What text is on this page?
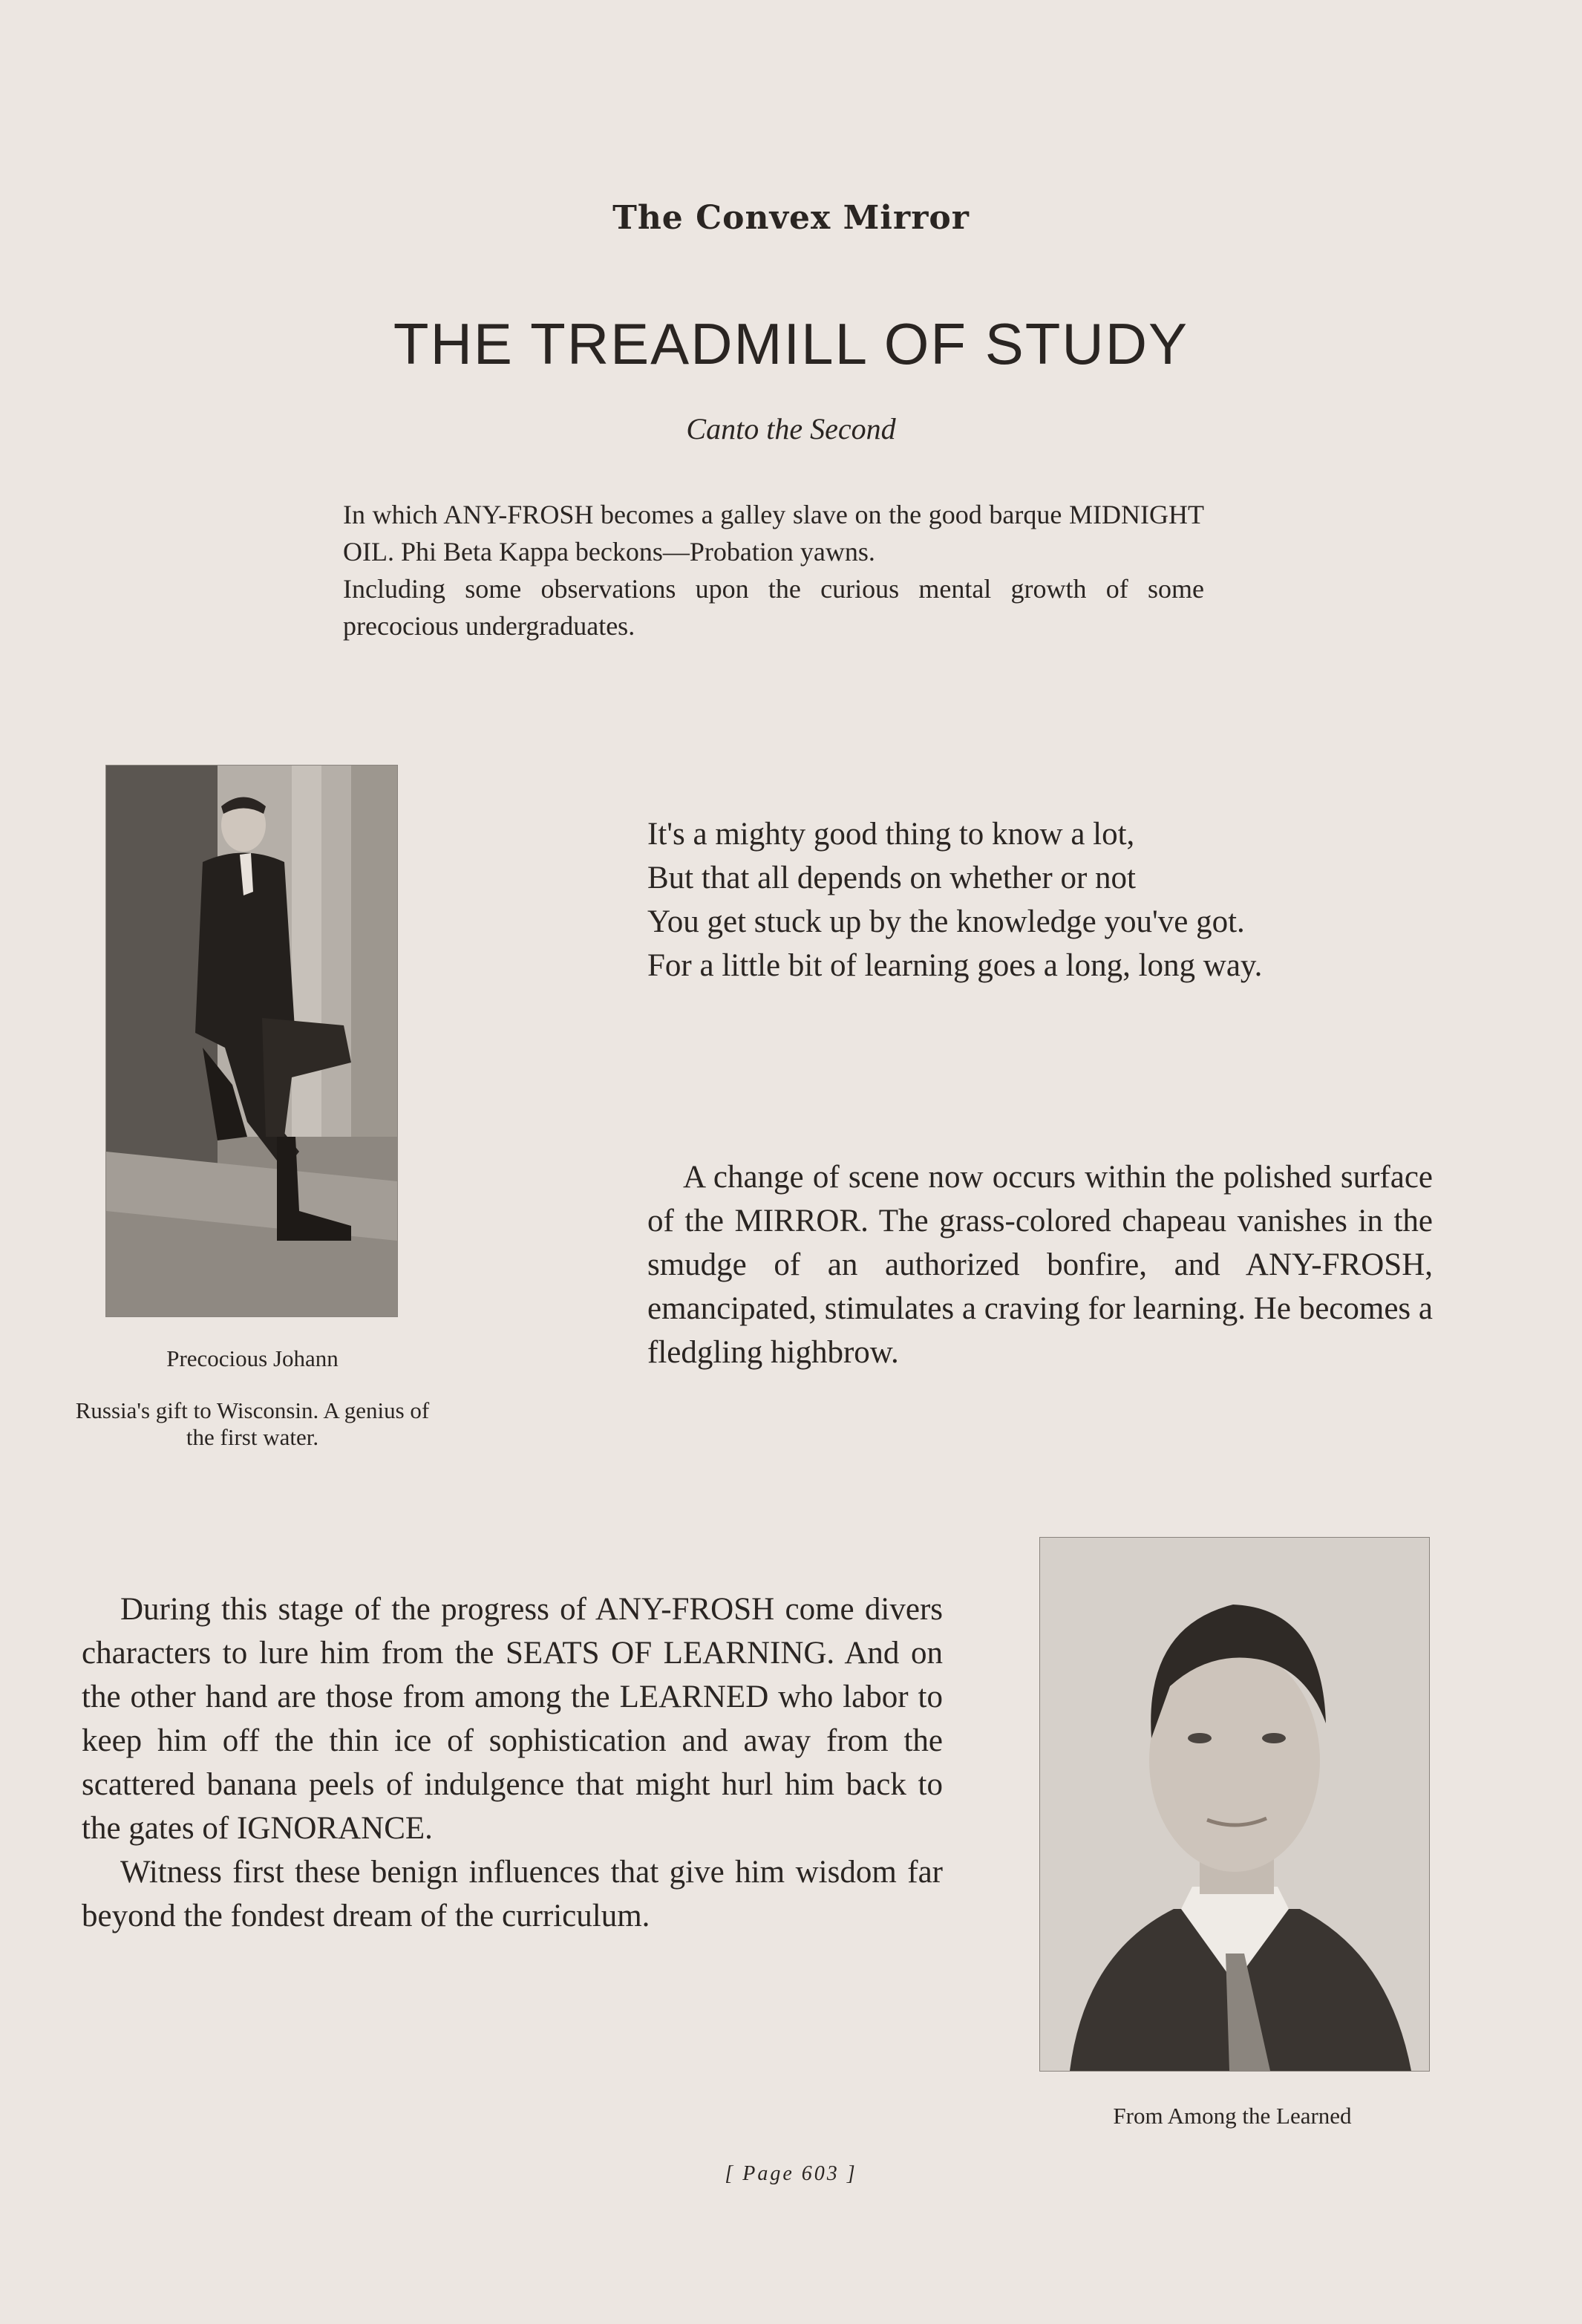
The Convex Mirror
THE TREADMILL OF STUDY
Canto the Second

In which ANY-FROSH becomes a galley slave on the good barque MIDNIGHT OIL. Phi Beta Kappa beckons—Probation yawns.

Including some observations upon the curious mental growth of some precocious undergraduates.

Precocious Johann
Russia's gift to Wisconsin. A genius of the first water.
It's a mighty good thing to know a lot,
But that all depends on whether or not
You get stuck up by the knowledge you've got.
For a little bit of learning goes a long, long way.
A change of scene now occurs within the polished surface of the MIRROR. The grass-colored chapeau vanishes in the smudge of an authorized bonfire, and ANY-FROSH, emancipated, stimulates a craving for learning. He becomes a fledgling highbrow.

During this stage of the progress of ANY-FROSH come divers characters to lure him from the SEATS OF LEARNING. And on the other hand are those from among the LEARNED who labor to keep him off the thin ice of sophistication and away from the scattered banana peels of indulgence that might hurl him back to the gates of IGNORANCE.

Witness first these benign influences that give him wisdom far beyond the fondest dream of the curriculum.

From Among the Learned
[ Page 603 ]
